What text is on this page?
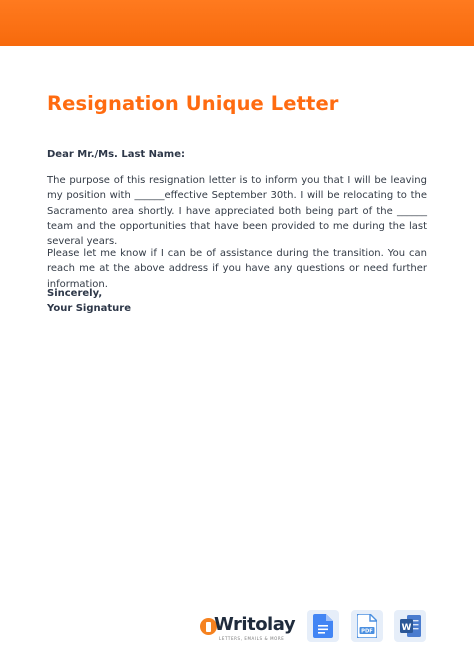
Resignation Unique Letter
Dear Mr./Ms. Last Name:

The purpose of this resignation letter is to inform you that I will be leaving my position with ______effective September 30th. I will be relocating to the Sacramento area shortly. I have appreciated both being part of the ______ team and the opportunities that have been provided to me during the last several years.

Please let me know if I can be of assistance during the transition. You can reach me at the above address if you have any questions or need further information.

Sincerely,
Your Signature
Writolay
LETTERS, EMAILS & MORE
PDF	W
